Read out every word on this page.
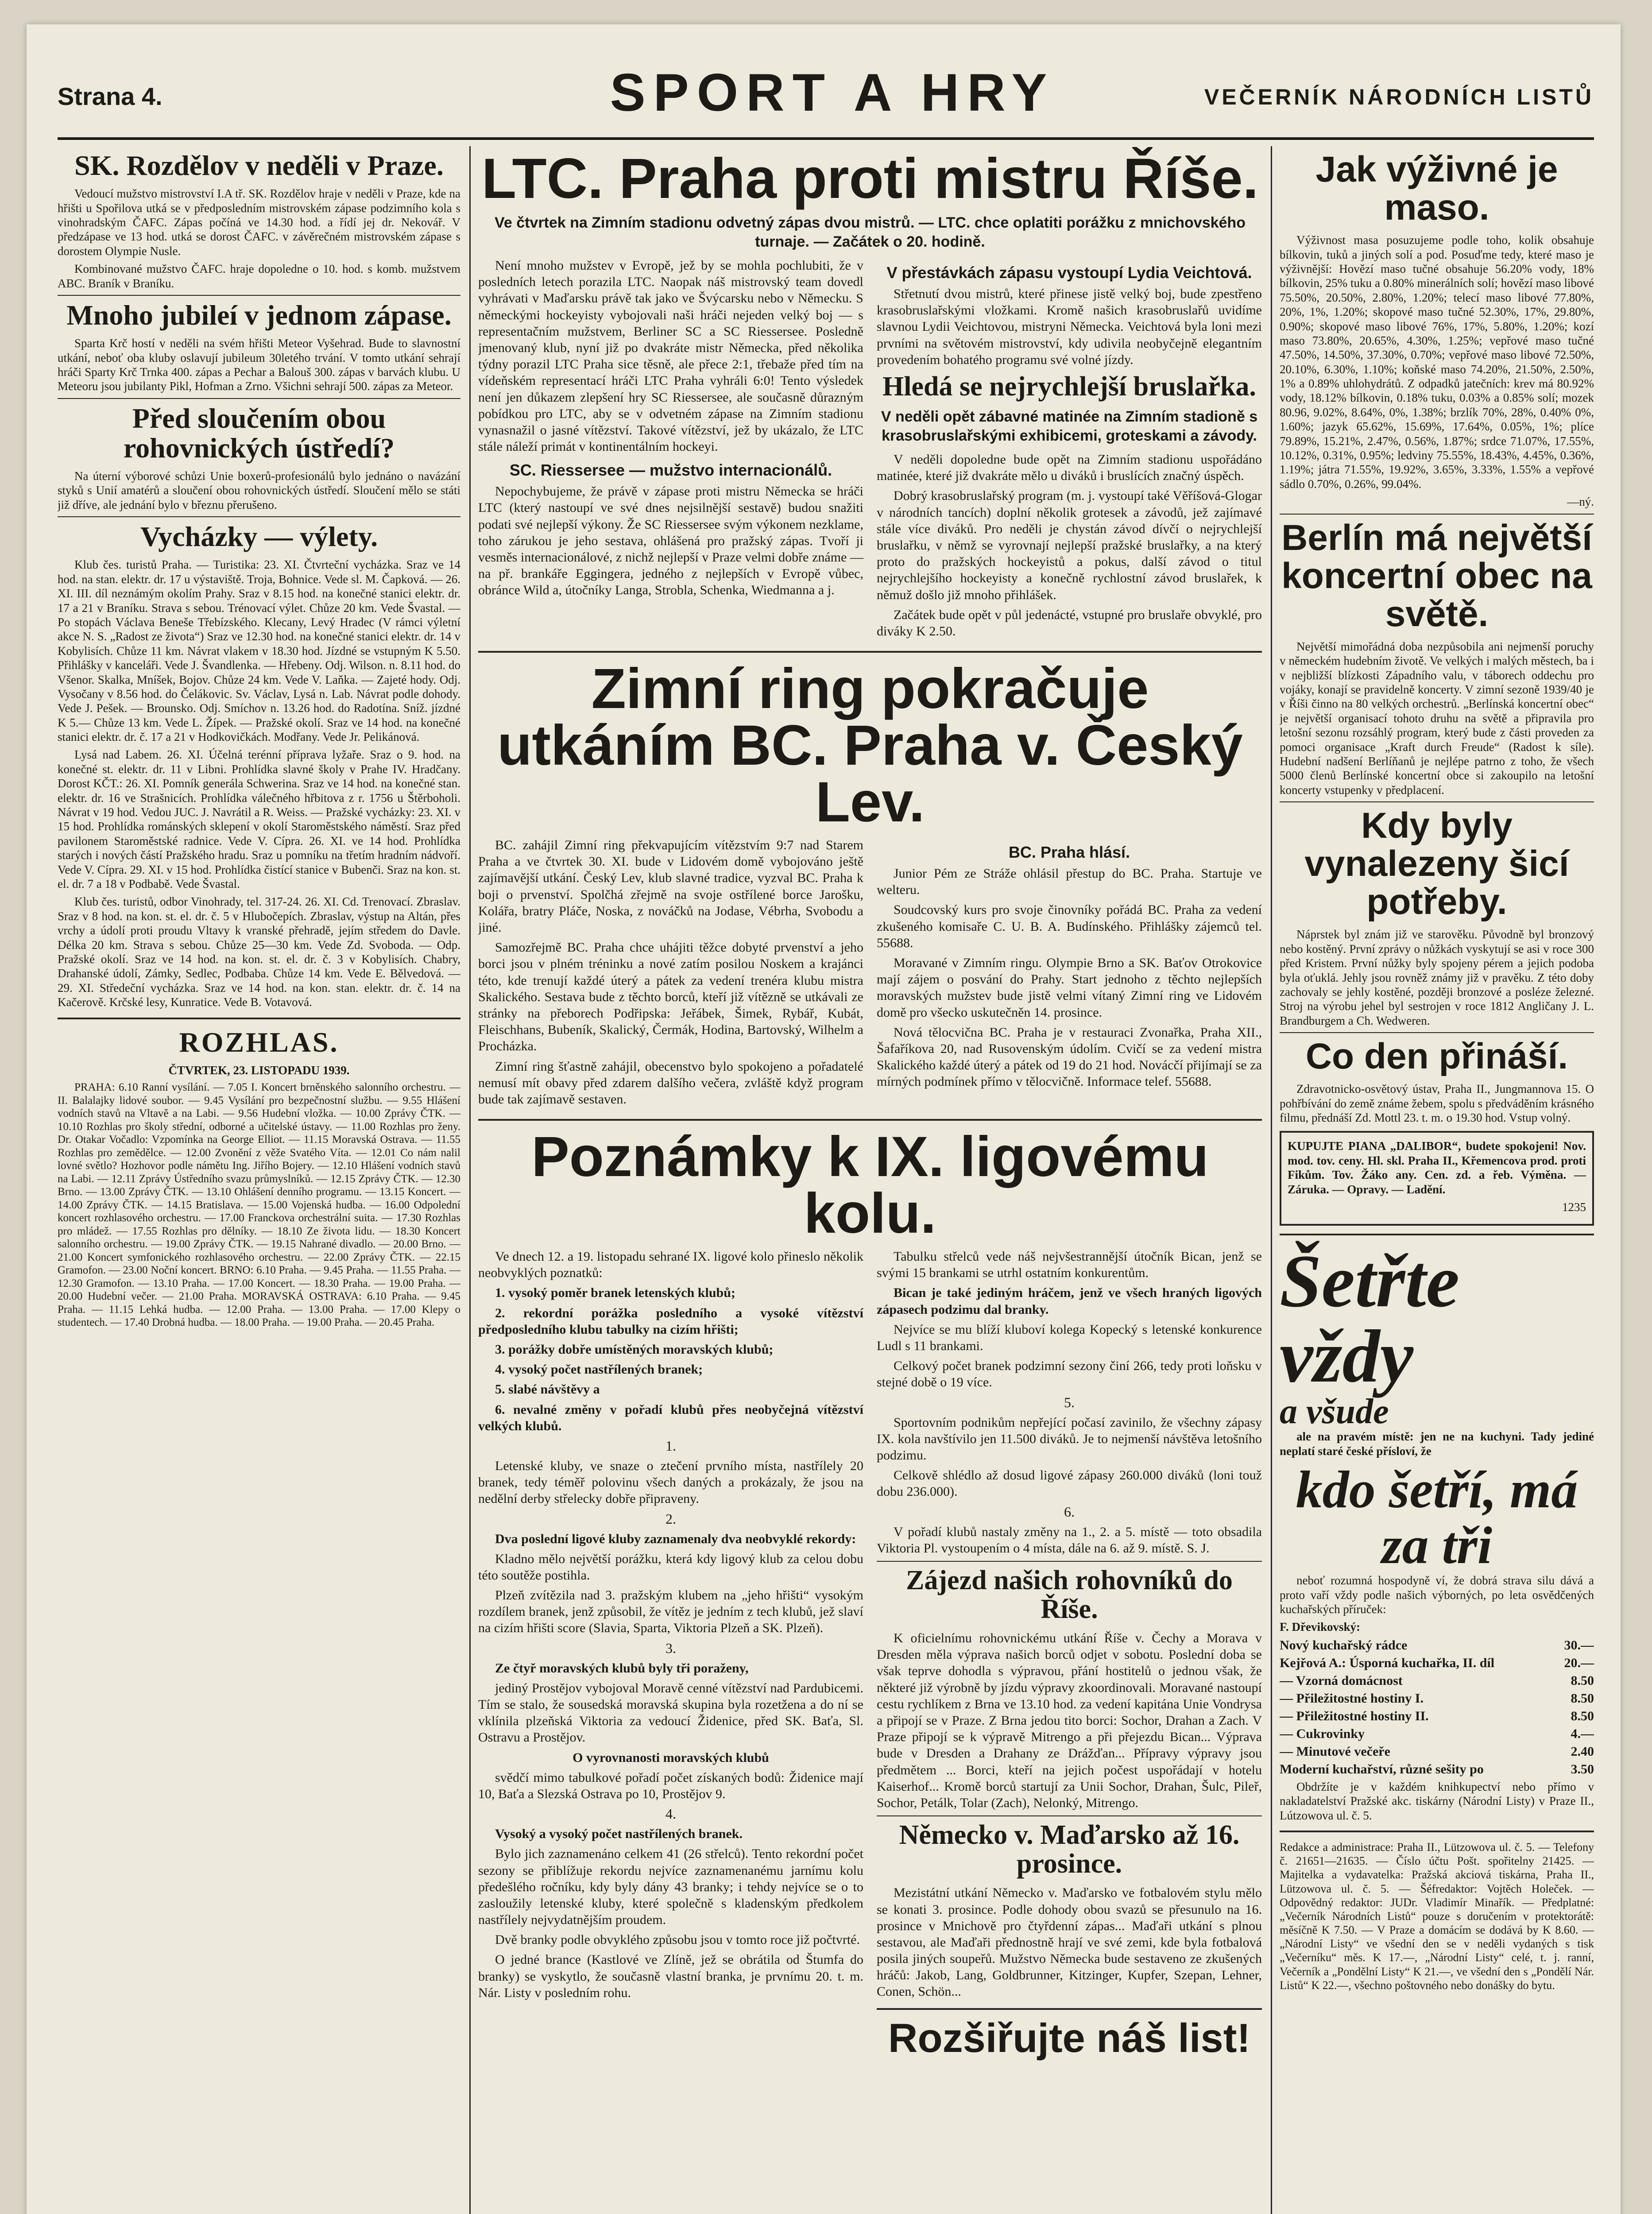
Strana 4.	SPORT A HRY	VEČERNÍK NÁRODNÍCH LISTŮ
SK. Rozdělov v neděli v Praze.

Vedoucí mužstvo mistrovství I.A tř. SK. Rozdělov hraje v neděli v Praze, kde na hřišti u Spořilova utká se v předposledním mistrovském zápase podzimního kola s vinohradským ČAFC. Zápas počíná ve 14.30 hod. a řídí jej dr. Nekovář. V předzápase ve 13 hod. utká se dorost ČAFC. v závěrečném mistrovském zápase s dorostem Olympie Nusle.

Kombinované mužstvo ČAFC. hraje dopoledne o 10. hod. s komb. mužstvem ABC. Braník v Braníku.

Mnoho jubileí v jednom zápase.

Sparta Krč hostí v neděli na svém hřišti Meteor Vyšehrad. Bude to slavnostní utkání, neboť oba kluby oslavují jubileum 30letého trvání. V tomto utkání sehrají hráči Sparty Krč Trnka 400. zápas a Pechar a Balouš 300. zápas v barvách klubu. U Meteoru jsou jubilanty Pikl, Hofman a Zrno. Všichni sehrají 500. zápas za Meteor.

Před sloučením obou rohovnických ústředí?

Na úterní výborové schůzi Unie boxerů-profesionálů bylo jednáno o navázání styků s Unií amatérů a sloučení obou rohovnických ústředí. Sloučení mělo se státi již dříve, ale jednání bylo v březnu přerušeno.

Vycházky — výlety.

Klub čes. turistů Praha. — Turistika: 23. XI. Čtvrteční vycházka. Sraz ve 14 hod. na stan. elektr. dr. 17 u výstaviště. Troja, Bohnice. Vede sl. M. Čapková. — 26. XI. III. díl neznámým okolím Prahy. Sraz v 8.15 hod. na konečné stanici elektr. dr. 17 a 21 v Braníku. Strava s sebou. Trénovací výlet. Chůze 20 km. Vede Švastal. — Po stopách Václava Beneše Třebízského. Klecany, Levý Hradec (V rámci výletní akce N. S. „Radost ze života“) Sraz ve 12.30 hod. na konečné stanici elektr. dr. 14 v Kobylisích. Chůze 11 km. Návrat vlakem v 18.30 hod. Jízdné se vstupným K 5.50. Přihlášky v kanceláři. Vede J. Švandlenka. — Hřebeny. Odj. Wilson. n. 8.11 hod. do Všenor. Skalka, Mníšek, Bojov. Chůze 24 km. Vede V. Laňka. — Zajeté hody. Odj. Vysočany v 8.56 hod. do Čelákovic. Sv. Václav, Lysá n. Lab. Návrat podle dohody. Vede J. Pešek. — Brounsko. Odj. Smíchov n. 13.26 hod. do Radotína. Sníž. jízdné K 5.— Chůze 13 km. Vede L. Žípek. — Pražské okolí. Sraz ve 14 hod. na konečné stanici elektr. dr. č. 17 a 21 v Hodkovičkách. Modřany. Vede Jr. Pelikánová.

Lysá nad Labem. 26. XI. Účelná terénní příprava lyžaře. Sraz o 9. hod. na konečné st. elektr. dr. 11 v Libni. Prohlídka slavné školy v Prahe IV. Hradčany. Dorost KČT.: 26. XI. Pomník generála Schwerina. Sraz ve 14 hod. na konečné stan. elektr. dr. 16 ve Strašnicích. Prohlídka válečného hřbitova z r. 1756 u Štěrboholi. Návrat v 19 hod. Vedou JUC. J. Navrátil a R. Weiss. — Pražské vycházky: 23. XI. v 15 hod. Prohlídka románských sklepení v okolí Staroměstského náměstí. Sraz před pavilonem Staroměstské radnice. Vede V. Cípra. 26. XI. ve 14 hod. Prohlídka starých i nových částí Pražského hradu. Sraz u pomníku na třetím hradním nádvoří. Vede V. Cípra. 29. XI. v 15 hod. Prohlídka čistící stanice v Bubenči. Sraz na kon. st. el. dr. 7 a 18 v Podbabě. Vede Švastal.

Klub čes. turistů, odbor Vinohrady, tel. 317-24. 26. XI. Cd. Trenovací. Zbraslav. Sraz v 8 hod. na kon. st. el. dr. č. 5 v Hlubočepích. Zbraslav, výstup na Altán, přes vrchy a údolí proti proudu Vltavy k vranské přehradě, jejím středem do Davle. Délka 20 km. Strava s sebou. Chůze 25—30 km. Vede Zd. Svoboda. — Odp. Pražské okolí. Sraz ve 14 hod. na kon. st. el. dr. č. 3 v Kobylisích. Chabry, Drahanské údolí, Zámky, Sedlec, Podbaba. Chůze 14 km. Vede E. Bělvedová. — 29. XI. Středeční vycházka. Sraz ve 14 hod. na kon. stan. elektr. dr. č. 14 na Kačerově. Krčské lesy, Kunratice. Vede B. Votavová.

ROZHLAS.

ČTVRTEK, 23. LISTOPADU 1939.

PRAHA: 6.10 Ranní vysílání. — 7.05 I. Koncert brněnského salonního orchestru. — II. Balalajky lidové soubor. — 9.45 Vysílání pro bezpečnostní službu. — 9.55 Hlášení vodních stavů na Vltavě a na Labi. — 9.56 Hudební vložka. — 10.00 Zprávy ČTK. — 10.10 Rozhlas pro školy střední, odborné a učitelské ústavy. — 11.00 Rozhlas pro ženy. Dr. Otakar Vočadlo: Vzpomínka na George Elliot. — 11.15 Moravská Ostrava. — 11.55 Rozhlas pro zemědělce. — 12.00 Zvonění z věže Svatého Víta. — 12.01 Co nám nalil lovné světlo? Hozhovor podle námětu Ing. Jiřího Bojery. — 12.10 Hlášení vodních stavů na Labi. — 12.11 Zprávy Ústředního svazu průmyslníků. — 12.15 Zprávy ČTK. — 12.30 Brno. — 13.00 Zprávy ČTK. — 13.10 Ohlášení denního programu. — 13.15 Koncert. — 14.00 Zprávy ČTK. — 14.15 Bratislava. — 15.00 Vojenská hudba. — 16.00 Odpolední koncert rozhlasového orchestru. — 17.00 Franckova orchestrální suita. — 17.30 Rozhlas pro mládež. — 17.55 Rozhlas pro dělníky. — 18.10 Ze života lidu. — 18.30 Koncert salonního orchestru. — 19.00 Zprávy ČTK. — 19.15 Nahrané divadlo. — 20.00 Brno. — 21.00 Koncert symfonického rozhlasového orchestru. — 22.00 Zprávy ČTK. — 22.15 Gramofon. — 23.00 Noční koncert. BRNO: 6.10 Praha. — 9.45 Praha. — 11.55 Praha. — 12.30 Gramofon. — 13.10 Praha. — 17.00 Koncert. — 18.30 Praha. — 19.00 Praha. — 20.00 Hudební večer. — 21.00 Praha. MORAVSKÁ OSTRAVA: 6.10 Praha. — 9.45 Praha. — 11.15 Lehká hudba. — 12.00 Praha. — 13.00 Praha. — 17.00 Klepy o studentech. — 17.40 Drobná hudba. — 18.00 Praha. — 19.00 Praha. — 20.45 Praha.

LTC. Praha proti mistru Říše.
Ve čtvrtek na Zimním stadionu odvetný zápas dvou mistrů. — LTC. chce oplatiti porážku z mnichovského turnaje. — Začátek o 20. hodině.

Není mnoho mužstev v Evropě, jež by se mohla pochlubiti, že v posledních letech porazila LTC. Naopak náš mistrovský team dovedl vyhrávati v Maďarsku právě tak jako ve Švýcarsku nebo v Německu. S německými hockeyisty vybojovali naši hráči nejeden velký boj — s representačním mužstvem, Berliner SC a SC Riessersee. Posledně jmenovaný klub, nyní již po dvakráte mistr Německa, před několika týdny porazil LTC Praha sice těsně, ale přece 2:1, třebaže před tím na vídeňském representací hráči LTC Praha vyhráli 6:0! Tento výsledek není jen důkazem zlepšení hry SC Riessersee, ale současně důrazným pobídkou pro LTC, aby se v odvetném zápase na Zimním stadionu vynasnažil o jasné vítězství. Takové vítězství, jež by ukázalo, že LTC stále náleží primát v kontinentálním hockeyi.

SC. Riessersee — mužstvo internacionálů.

Nepochybujeme, že právě v zápase proti mistru Německa se hráči LTC (který nastoupí ve své dnes nejsilnější sestavě) budou snažiti podati své nejlepší výkony. Že SC Riessersee svým výkonem nezklame, toho zárukou je jeho sestava, ohlášená pro pražský zápas. Tvoří ji vesměs internacionálové, z nichž nejlepší v Praze velmi dobře známe — na př. brankáře Eggingera, jedného z nejlepších v Evropě vůbec, obránce Wild a, útočníky Langa, Strobla, Schenka, Wiedmanna a j.

V přestávkách zápasu vystoupí Lydia Veichtová.

Střetnutí dvou mistrů, které přinese jistě velký boj, bude zpestřeno krasobruslařskými vložkami. Kromě našich krasobruslařů uvidíme slavnou Lydii Veichtovou, mistryni Německa. Veichtová byla loni mezi prvními na světovém mistrovství, kdy udivila neobyčejně elegantním provedením bohatého programu své volné jízdy.

Hledá se nejrychlejší bruslařka.
V neděli opět zábavné matinée na Zimním stadioně s krasobruslařskými exhibicemi, groteskami a závody.

V neděli dopoledne bude opět na Zimním stadionu uspořádáno matinée, které již dvakráte mělo u diváků i bruslících značný úspěch.

Dobrý krasobruslařský program (m. j. vystoupí také Věříšová-Glogar v národních tancích) doplní několik grotesek a závodů, jež zajímavé stále více diváků. Pro neděli je chystán závod dívčí o nejrychlejší bruslařku, v němž se vyrovnají nejlepší pražské bruslařky, a na který proto do pražských hockeyistů a pokus, další závod o titul nejrychlejšího hockeyisty a konečně rychlostní závod bruslařek, k němuž došlo již mnoho přihlášek.

Začátek bude opět v půl jedenácté, vstupné pro bruslaře obvyklé, pro diváky K 2.50.

Zimní ring pokračuje utkáním BC. Praha v. Český Lev.

BC. zahájil Zimní ring překvapujícím vítězstvím 9:7 nad Starem Praha a ve čtvrtek 30. XI. bude v Lidovém domě vybojováno ještě zajímavější utkání. Český Lev, klub slavné tradice, vyzval BC. Praha k boji o prvenství. Spolčhá zřejmě na svoje ostřílené borce Jarošku, Kolářa, bratry Pláče, Noska, z nováčků na Jodase, Vébrha, Svobodu a jiné.

Samozřejmě BC. Praha chce uhájiti těžce dobyté prvenství a jeho borci jsou v plném tréninku a nové zatím posilou Noskem a krajánci této, kde trenují každé úterý a pátek za vedení trenéra klubu mistra Skalického. Sestava bude z těchto borců, kteří již vítězně se utkávali ze stránky na přeborech Podřipska: Jeřábek, Šimek, Rybář, Kubát, Fleischhans, Bubeník, Skalický, Čermák, Hodina, Bartovský, Wilhelm a Procházka.

Zimní ring šťastně zahájil, obecenstvo bylo spokojeno a pořadatelé nemusí mít obavy před zdarem dalšího večera, zvláště když program bude tak zajímavě sestaven.

BC. Praha hlásí.

Junior Pém ze Stráže ohlásil přestup do BC. Praha. Startuje ve welteru.

Soudcovský kurs pro svoje činovníky pořádá BC. Praha za vedení zkušeného komisaře C. U. B. A. Budínského. Přihlášky zájemců tel. 55688.

Moravané v Zimním ringu. Olympie Brno a SK. Baťov Otrokovice mají zájem o posvání do Prahy. Start jednoho z těchto nejlepších moravských mužstev bude jistě velmi vítaný Zimní ring ve Lidovém domě pro všecko uskutečněn 14. prosince.

Nová tělocvična BC. Praha je v restauraci Zvonařka, Praha XII., Šafaříkova 20, nad Rusovenským údolím. Cvičí se za vedení mistra Skalického každé úterý a pátek od 19 do 21 hod. Novácčí přijímají se za mírných podmínek přímo v tělocvičně. Informace telef. 55688.

Poznámky k IX. ligovému kolu.

Ve dnech 12. a 19. listopadu sehrané IX. ligové kolo přineslo několik neobvyklých poznatků:

1. vysoký poměr branek letenských klubů;

2. rekordní porážka posledního a vysoké vítězství předposledního klubu tabulky na cizím hřišti;

3. porážky dobře umístěných moravských klubů;

4. vysoký počet nastřílených branek;

5. slabé návštěvy a

6. nevalné změny v pořadí klubů přes neobyčejná vítězství velkých klubů.

1.

Letenské kluby, ve snaze o ztečení prvního místa, nastřílely 20 branek, tedy téměř polovinu všech daných a prokázaly, že jsou na nedělní derby střelecky dobře připraveny.

2.

Dva poslední ligové kluby zaznamenaly dva neobvyklé rekordy:

Kladno mělo největší porážku, která kdy ligový klub za celou dobu této soutěže postihla.

Plzeň zvítězila nad 3. pražským klubem na „jeho hřišti“ vysokým rozdílem branek, jenž způsobil, že vítěz je jedním z tech klubů, jež slaví na cizím hřišti score (Slavia, Sparta, Viktoria Plzeň a SK. Plzeň).

3.

Ze čtyř moravských klubů byly tři poraženy,

jediný Prostějov vybojoval Moravě cenné vítězství nad Pardubicemi. Tím se stalo, že sousedská moravská skupina byla rozetžena a do ní se vklínila plzeňská Viktoria za vedoucí Židenice, před SK. Baťa, Sl. Ostravu a Prostějov.

O vyrovnanosti moravských klubů

svědčí mimo tabulkové pořadí počet získaných bodů: Židenice mají 10, Baťa a Slezská Ostrava po 10, Prostějov 9.

4.

Vysoký a vysoký počet nastřílených branek.

Bylo jich zaznamenáno celkem 41 (26 střelců). Tento rekordní počet sezony se přiblížuje rekordu nejvíce zaznamenanému jarnímu kolu předešlého ročníku, kdy byly dány 43 branky; i tehdy nejvíce se o to zasloužily letenské kluby, které společně s kladenským předkolem nastřílely nejvydatnějším proudem.

Dvě branky podle obvyklého způsobu jsou v tomto roce již počtvrté.

O jedné brance (Kastlové ve Zlíně, jež se obrátila od Štumfa do branky) se vyskytlo, že současně vlastní branka, je prvnímu 20. t. m. Nár. Listy v posledním rohu.

Tabulku střelců vede náš nejvšestrannější útočník Bican, jenž se svými 15 brankami se utrhl ostatním konkurentům.

Bican je také jediným hráčem, jenž ve všech hraných ligových zápasech podzimu dal branky.

Nejvíce se mu blíží kluboví kolega Kopecký s letenské konkurence Ludl s 11 brankami.

Celkový počet branek podzimní sezony činí 266, tedy proti loňsku v stejné době o 19 více.

5.

Sportovním podnikům nepřející počasí zavinilo, že všechny zápasy IX. kola navštívilo jen 11.500 diváků. Je to nejmenší návštěva letošního podzimu.

Celkově shlédlo až dosud ligové zápasy 260.000 diváků (loni touž dobu 236.000).

6.

V pořadí klubů nastaly změny na 1., 2. a 5. místě — toto obsadila Viktoria Pl. vystoupením o 4 místa, dále na 6. až 9. místě. S. J.

Zájezd našich rohovníků do Říše.

K oficielnímu rohovnickému utkání Říše v. Čechy a Morava v Dresden měla výprava našich borců odjet v sobotu. Poslední doba se však teprve dohodla s výpravou, přání hostitelů o jednou však, že některé již výrobně by jízdu výpravy zkoordinovali. Moravané nastoupí cestu rychlíkem z Brna ve 13.10 hod. za vedení kapitána Unie Vondrysa a připojí se v Praze. Z Brna jedou tito borci: Sochor, Drahan a Zach. V Praze připojí se k výpravě Mitrengo a při přejezdu Bican... Výprava bude v Dresden a Drahany ze Drážďan... Přípravy výpravy jsou předmětem ... Borci, kteří na jejich počest uspořádají v hotelu Kaiserhof... Kromě borců startují za Unii Sochor, Drahan, Šulc, Pileř, Sochor, Petálk, Tolar (Zach), Nelonký, Mitrengo.

Německo v. Maďarsko až 16. prosince.

Mezistátní utkání Německo v. Maďarsko ve fotbalovém stylu mělo se konati 3. prosince. Podle dohody obou svazů se přesunulo na 16. prosince v Mnichově pro čtyřdenní zápas... Maďaři utkání s plnou sestavou, ale Maďaři přednostně hrají ve své zemi, kde byla fotbalová posila jiných soupeřů. Mužstvo Německa bude sestaveno ze zkušených hráčů: Jakob, Lang, Goldbrunner, Kitzinger, Kupfer, Szepan, Lehner, Conen, Schön...

Rozšiřujte náš list!
Jak výživné je maso.

Výživnost masa posuzujeme podle toho, kolik obsahuje bílkovin, tuků a jiných solí a pod. Posuďme tedy, které maso je výživnější: Hovězí maso tučné obsahuje 56.20% vody, 18% bílkovin, 25% tuku a 0.80% minerálních solí; hovězí maso libové 75.50%, 20.50%, 2.80%, 1.20%; telecí maso libové 77.80%, 20%, 1%, 1.20%; skopové maso tučné 52.30%, 17%, 29.80%, 0.90%; skopové maso libové 76%, 17%, 5.80%, 1.20%; kozí maso 73.80%, 20.65%, 4.30%, 1.25%; vepřové maso tučné 47.50%, 14.50%, 37.30%, 0.70%; vepřové maso libové 72.50%, 20.10%, 6.30%, 1.10%; koňské maso 74.20%, 21.50%, 2.50%, 1% a 0.89% uhlohydrátů. Z odpadků jatečních: krev má 80.92% vody, 18.12% bílkovin, 0.18% tuku, 0.03% a 0.85% solí; mozek 80.96, 9.02%, 8.64%, 0%, 1.38%; brzlík 70%, 28%, 0.40% 0%, 1.60%; jazyk 65.62%, 15.69%, 17.64%, 0.05%, 1%; plíce 79.89%, 15.21%, 2.47%, 0.56%, 1.87%; srdce 71.07%, 17.55%, 10.12%, 0.31%, 0.95%; ledviny 75.55%, 18.43%, 4.45%, 0.36%, 1.19%; játra 71.55%, 19.92%, 3.65%, 3.33%, 1.55% a vepřové sádlo 0.70%, 0.26%, 99.04%.

—ný.

Berlín má největší koncertní obec na světě.

Největší mimořádná doba nezpůsobila ani nejmenší poruchy v německém hudebním životě. Ve velkých i malých městech, ba i v nejbližší blízkosti Západního valu, v táborech oddechu pro vojáky, konají se pravidelně koncerty. V zimní sezoně 1939/40 je v Říši činno na 80 velkých orchestrů. „Berlínská koncertní obec“ je největší organisací tohoto druhu na světě a připravila pro letošní sezonu rozsáhlý program, který bude z části proveden za pomoci organisace „Kraft durch Freude“ (Radost k síle). Hudební nadšení Berlíňanů je nejlépe patrno z toho, že všech 5000 členů Berlínské koncertní obce si zakoupilo na letošní koncerty vstupenky v předplacení.

Kdy byly vynalezeny šicí potřeby.

Náprstek byl znám již ve starověku. Původně byl bronzový nebo kostěný. První zprávy o nůžkách vyskytují se asi v roce 300 před Kristem. První nůžky byly spojeny pérem a jejich podoba byla oťuklá. Jehly jsou rovněž známy již v pravěku. Z této doby zachovaly se jehly kostěné, později bronzové a posléze železné. Stroj na výrobu jehel byl sestrojen v roce 1812 Angličany J. L. Brandburgem a Ch. Wedweren.

Co den přináší.

Zdravotnicko-osvětový ústav, Praha II., Jungmannova 15. O pohřbívání do země známe žebem, spolu s předváděním krásného filmu, přednáší Zd. Mottl 23. t. m. o 19.30 hod. Vstup volný.

KUPUJTE PIANA „DALIBOR“, budete spokojeni! Nov. mod. tov. ceny. Hl. skl. Praha II., Křemencova prod. proti Fikům. Tov. Žáko any. Cen. zd. a řeb. Výměna. — Záruka. — Opravy. — Ladění.

1235

Šetřte vždy
a všude

ale na pravém místě: jen ne na kuchyni. Tady jediné neplatí staré české přísloví, že

kdo šetří, má za tři

neboť rozumná hospodyně ví, že dobrá strava silu dává a proto vaří vždy podle našich výborných, po leta osvědčených kuchařských příruček:

F. Dřevikovský:

Nový kuchařský rádce	30.—
Kejřová A.: Úsporná kuchařka, II. díl	20.—
— Vzorná domácnost	8.50
— Přiležitostné hostiny I.	8.50
— Přiležitostné hostiny II.	8.50
— Cukrovinky	4.—
— Minutové večeře	2.40
Moderní kuchařství, různé sešity po	3.50

Obdržíte je v každém knihkupectví nebo přímo v nakladatelství Pražské akc. tiskárny (Národní Listy) v Praze II., Lútzowova ul. č. 5.

Redakce a administrace: Praha II., Lützowova ul. č. 5. — Telefony č. 21651—21635. — Číslo účtu Pošt. spořitelny 21425. — Majitelka a vydavatelka: Pražská akciová tiskárna, Praha II., Lützowova ul. č. 5. — Šéfredaktor: Vojtěch Holeček. — Odpovědný redaktor: JUDr. Vladimír Minařík. — Předplatné: „Večerník Národních Listů“ pouze s doručením v protektorátě: měsíčně K 7.50. — V Praze a domácím se dodává by K 8.60. — „Národní Listy“ ve všední den se v neděli vydaných s tisk „Večerníku“ měs. K 17.—, „Národní Listy“ celé, t. j. ranní, Večerník a „Pondělní Listy“ K 21.—, ve všední den s „Pondělí Nár. Listů“ K 22.—, všechno poštovného nebo donášky do bytu.
